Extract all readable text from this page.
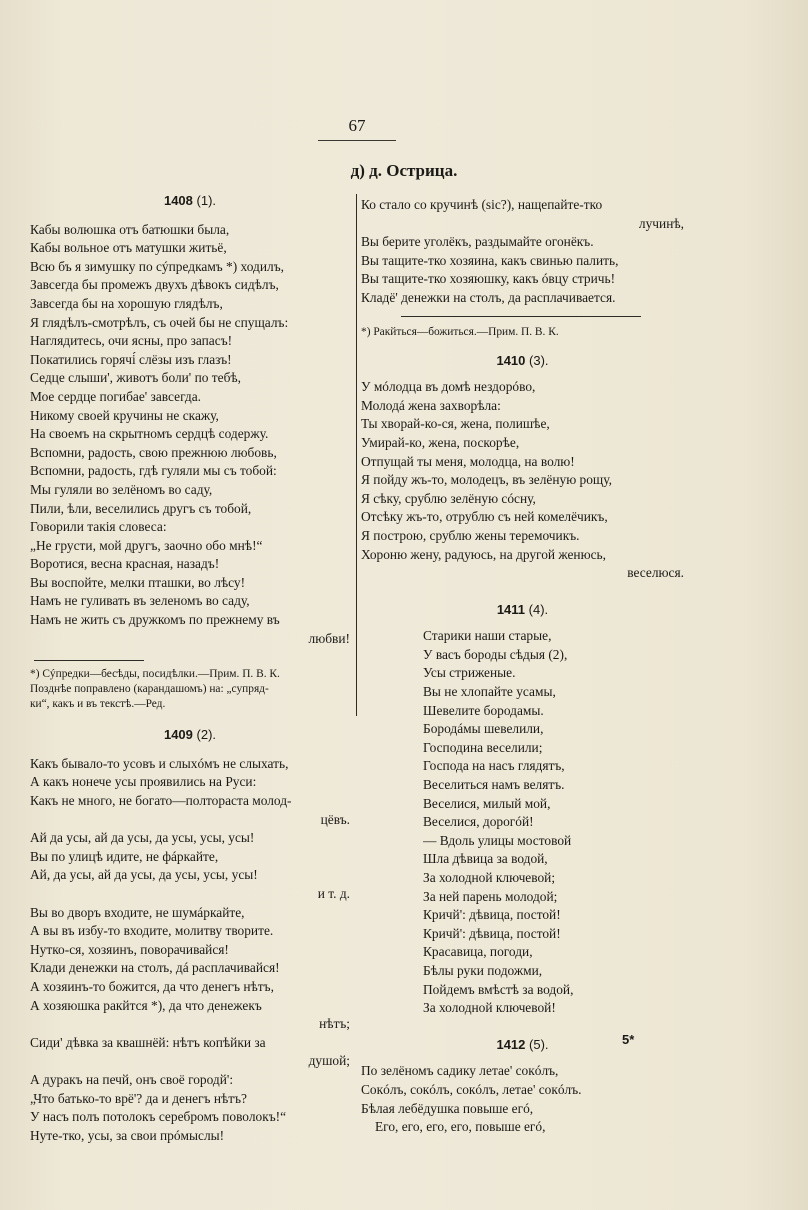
67
д) д. Острица.
1408 (1).
Кабы волюшка отъ батюшки была,
Кабы вольное отъ матушки житьё,
Всю бъ я зимушку по сýпредкамъ *) ходилъ,
Завсегда бы промежъ двухъ дѣвокъ сидѣлъ,
Завсегда бы на хорошую глядѣлъ,
Я глядѣлъ-смотрѣлъ, съ очей бы не спущалъ:
Наглядитесь, очи ясны, про запасъ!
Покатились горячі́ слёзы изъ глазъ!
Седце слыши', животъ боли' по тебѣ,
Мое сердце погибае' завсегда.
Никому своей кручины не скажу,
На своемъ на скрытномъ сердцѣ содержу.
Вспомни, радость, свою прежнюю любовь,
Вспомни, радость, гдѣ гуляли мы съ тобой:
Мы гуляли во зелёномъ во саду,
Пили, ѣли, веселились другъ съ тобой,
Говорили такія словеса:
„Не грусти, мой другъ, заочно обо мнѣ!“
Воротися, весна красная, назадъ!
Вы воспойте, мелки пташки, во лѣсу!
Намъ не гуливать въ зеленомъ во саду,
Намъ не жить съ дружкомъ по прежнему въ
любви!
*) Сýпредки—бесѣды, посидѣлки.—Прим. П. В. К.
Позднѣе поправлено (карандашомъ) на: „супряд-
ки“, какъ и въ текстѣ.—Ред.
1409 (2).
Какъ бывало-то усовъ и слыхóмъ не слыхать,
А какъ нонече усы проявились на Руси:
Какъ не много, не богато—полтораста молод-
цёвъ.
Ай да усы, ай да усы, да усы, усы, усы!
Вы по улицѣ идите, не фáркайте,
Ай, да усы, ай да усы, да усы, усы, усы!
и т. д.
Вы во дворъ входите, не шумáркайте,
А вы въ избу-то входите, молитву творите.
Нутко-ся, хозяинъ, поворачивайся!
Клади денежки на столъ, дá расплачивайся!
А хозяинъ-то божится, да что денегъ нѣтъ,
А хозяюшка ракйтся *), да что денежекъ
нѣтъ;
Сиди' дѣвка за квашнёй: нѣтъ копѣйки за
душой;
А дуракъ на печй, онъ своё городй':
„Что батько-то врё'? да и денегъ нѣтъ?
У насъ полъ потолокъ серебромъ поволокъ!“
Нуте-тко, усы, за свои прóмыслы!
Ко стало со кручинѣ (sic?), нащепайте-тко
лучинѣ,
Вы берите уголёкъ, раздымайте огонёкъ.
Вы тащите-тко хозяина, какъ свинью палить,
Вы тащите-тко хозяюшку, какъ óвцу стричь!
Кладё' денежки на столъ, да расплачивается.
*) Ракйться—божиться.—Прим. П. В. К.
1410 (3).
У мóлодца въ домѣ нездорóво,
Молодá жена захворѣла:
Ты хворай-ко-ся, жена, полишѣе,
Умирай-ко, жена, поскорѣе,
Отпущай ты меня, молодца, на волю!
Я пойду жъ-то, молодецъ, въ зелёную рощу,
Я сѣку, срублю зелёную сóсну,
Отсѣку жъ-то, отрублю съ ней комелёчикъ,
Я построю, срублю жены теремочикъ.
Хороню жену, радуюсь, на другой женюсь,
веселюся.
1411 (4).
Старики наши старые,
У васъ бороды сѣдыя (2),
Усы стриженые.
Вы не хлопайте усамы,
Шевелите бородамы.
Бородáмы шевелили,
Господина веселили;
Господа на насъ глядятъ,
Веселиться намъ велятъ.
Веселися, милый мой,
Веселися, дорогóй!
— Вдоль улицы мостовой
Шла дѣвица за водой,
За холодной ключевой;
За ней парень молодой;
Кричй': дѣвица, постой!
Кричй': дѣвица, постой!
Красавица, погоди,
Бѣлы руки подожми,
Пойдемъ вмѣстѣ за водой,
За холодной ключевой!
1412 (5).
По зелёномъ садику летае' сокóлъ,
Сокóлъ, сокóлъ, сокóлъ, летае' сокóлъ.
Бѣлая лебёдушка повыше егó,
Его, его, его, его, повыше егó,
5*
